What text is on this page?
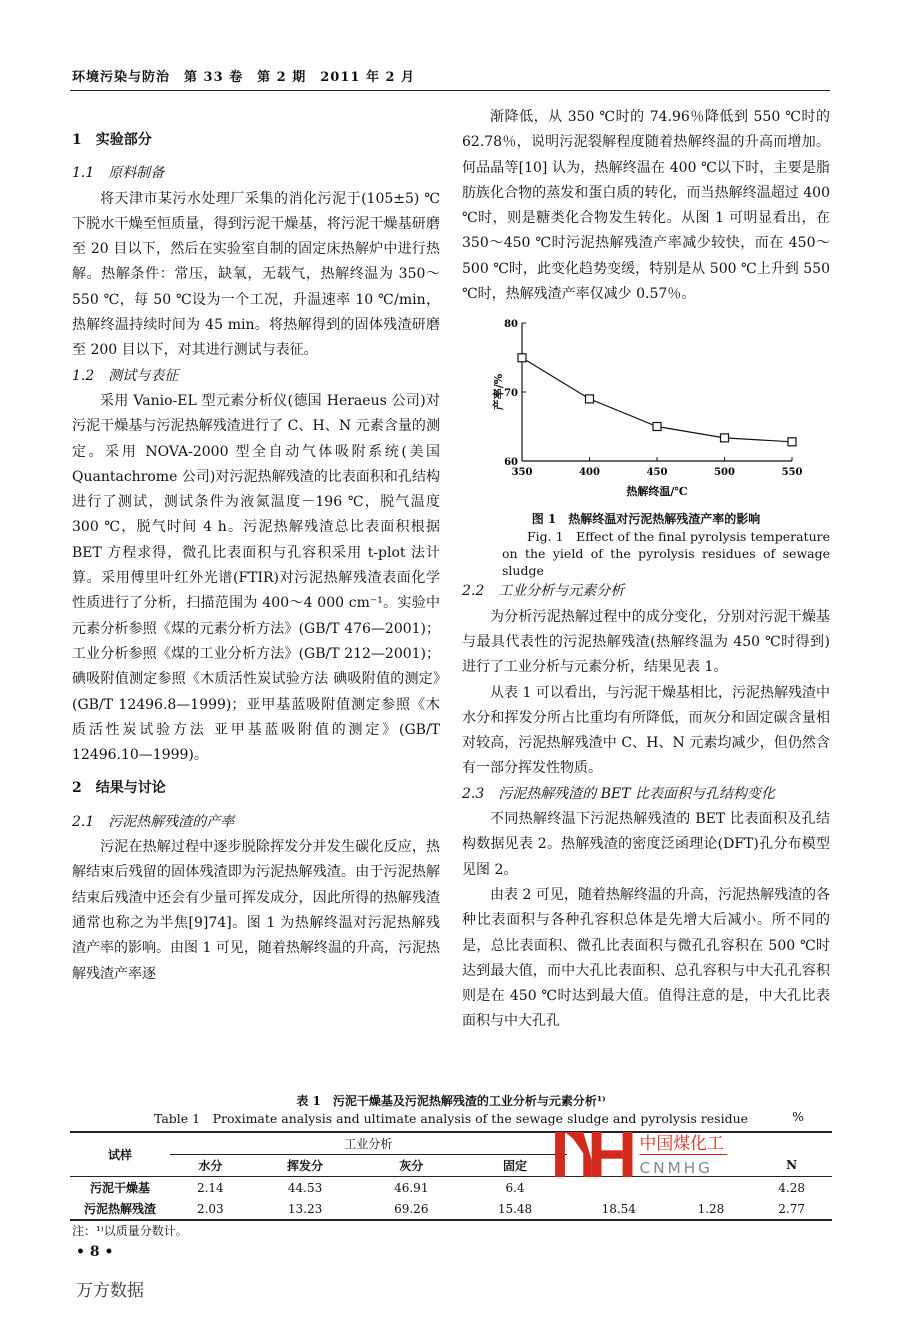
环境污染与防治　第 33 卷　第 2 期　2011 年 2 月
1　实验部分

1.1　原料制备

将天津市某污水处理厂采集的消化污泥于(105±5) ℃下脱水干燥至恒质量，得到污泥干燥基，将污泥干燥基研磨至 20 目以下，然后在实验室自制的固定床热解炉中进行热解。热解条件：常压，缺氧，无载气，热解终温为 350～550 ℃，每 50 ℃设为一个工况，升温速率 10 ℃/min，热解终温持续时间为 45 min。将热解得到的固体残渣研磨至 200 目以下，对其进行测试与表征。

1.2　测试与表征

采用 Vanio-EL 型元素分析仪(德国 Heraeus 公司)对污泥干燥基与污泥热解残渣进行了 C、H、N 元素含量的测定。采用 NOVA-2000 型全自动气体吸附系统(美国 Quantachrome 公司)对污泥热解残渣的比表面积和孔结构进行了测试，测试条件为液氮温度－196 ℃，脱气温度 300 ℃，脱气时间 4 h。污泥热解残渣总比表面积根据 BET 方程求得，微孔比表面积与孔容积采用 t-plot 法计算。采用傅里叶红外光谱(FTIR)对污泥热解残渣表面化学性质进行了分析，扫描范围为 400～4 000 cm⁻¹。实验中元素分析参照《煤的元素分析方法》(GB/T 476—2001)；工业分析参照《煤的工业分析方法》(GB/T 212—2001)；碘吸附值测定参照《木质活性炭试验方法 碘吸附值的测定》(GB/T 12496.8—1999)；亚甲基蓝吸附值测定参照《木质活性炭试验方法 亚甲基蓝吸附值的测定》(GB/T 12496.10—1999)。

2　结果与讨论

2.1　污泥热解残渣的产率

污泥在热解过程中逐步脱除挥发分并发生碳化反应，热解结束后残留的固体残渣即为污泥热解残渣。由于污泥热解结束后残渣中还会有少量可挥发成分，因此所得的热解残渣通常也称之为半焦[9]74]。图 1 为热解终温对污泥热解残渣产率的影响。由图 1 可见，随着热解终温的升高，污泥热解残渣产率逐

渐降低，从 350 ℃时的 74.96％降低到 550 ℃时的 62.78％，说明污泥裂解程度随着热解终温的升高而增加。何品晶等[10] 认为，热解终温在 400 ℃以下时，主要是脂肪族化合物的蒸发和蛋白质的转化，而当热解终温超过 400 ℃时，则是糖类化合物发生转化。从图 1 可明显看出，在 350～450 ℃时污泥热解残渣产率减少较快，而在 450～500 ℃时，此变化趋势变缓，特别是从 500 ℃上升到 550 ℃时，热解残渣产率仅减少 0.57％。

350	400	450	500	550
60
70
80
热解终温/℃
产率/%
图 1　热解终温对污泥热解残渣产率的影响

Fig. 1　Effect of the final pyrolysis temperature on the yield of the pyrolysis residues of sewage sludge

2.2　工业分析与元素分析

为分析污泥热解过程中的成分变化，分别对污泥干燥基与最具代表性的污泥热解残渣(热解终温为 450 ℃时得到)进行了工业分析与元素分析，结果见表 1。

从表 1 可以看出，与污泥干燥基相比，污泥热解残渣中水分和挥发分所占比重均有所降低，而灰分和固定碳含量相对较高，污泥热解残渣中 C、H、N 元素均减少，但仍然含有一部分挥发性物质。

2.3　污泥热解残渣的 BET 比表面积与孔结构变化

不同热解终温下污泥热解残渣的 BET 比表面积及孔结构数据见表 2。热解残渣的密度泛函理论(DFT)孔分布模型见图 2。

由表 2 可见，随着热解终温的升高，污泥热解残渣的各种比表面积与各种孔容积总体是先增大后减小。所不同的是，总比表面积、微孔比表面积与微孔孔容积在 500 ℃时达到最大值，而中大孔比表面积、总孔容积与中大孔孔容积则是在 450 ℃时达到最大值。值得注意的是，中大孔比表面积与中大孔孔

表 1　污泥干燥基及污泥热解残渣的工业分析与元素分析¹⁾
Table 1　Proximate analysis and ultimate analysis of the sewage sludge and pyrolysis residue	%
试样	工业分析						
	水分	挥发分	灰分	固定			N
污泥干燥基	2.14	44.53	46.91	6.4			4.28
污泥热解残渣	2.03	13.23	69.26	15.48	18.54	1.28	2.77
中国煤化工
CNMHG
注：¹⁾以质量分数计。
• 8 •
万方数据
